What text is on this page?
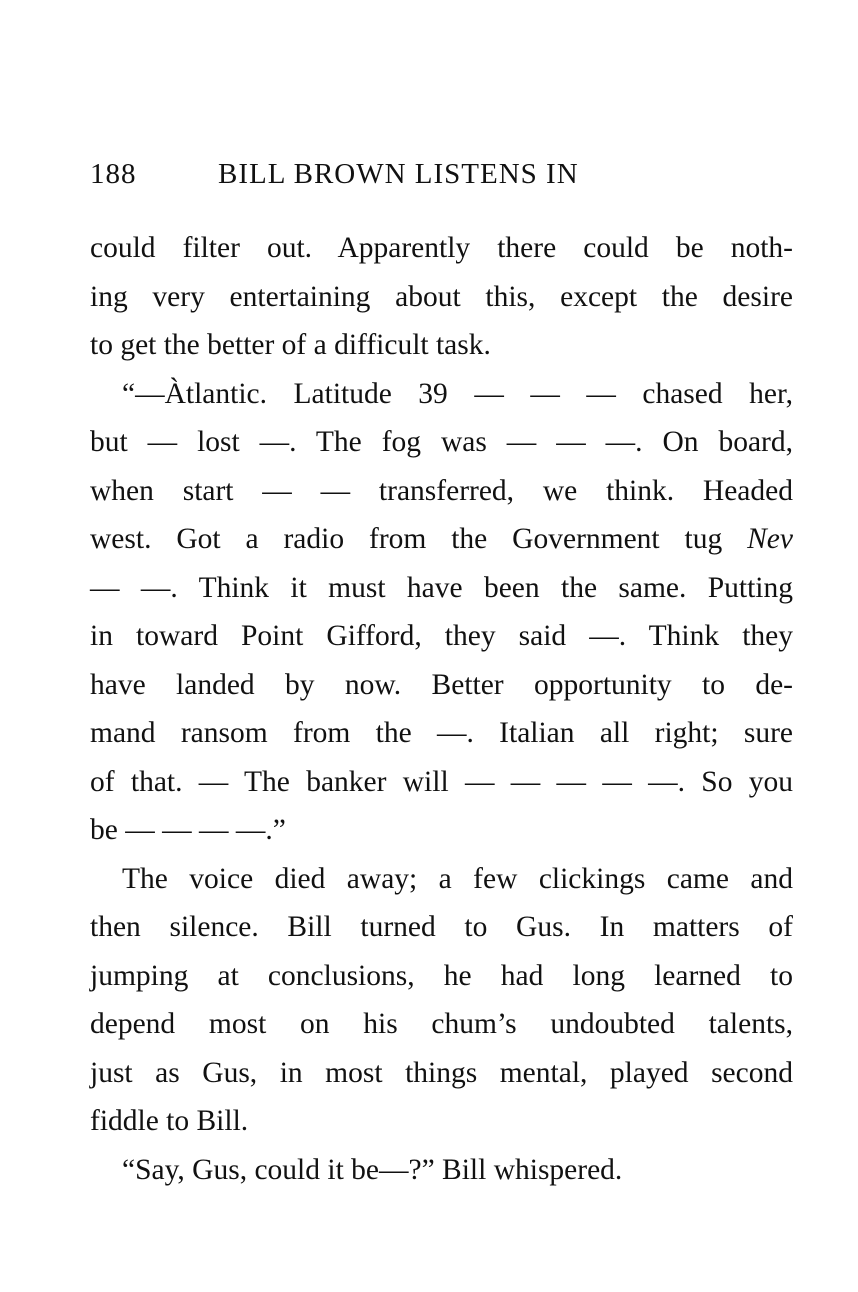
188	BILL BROWN LISTENS IN
could filter out. Apparently there could be noth-
ing very entertaining about this, except the desire
to get the better of a difficult task.
“—Àtlantic. Latitude 39 — — — chased her,
but — lost —. The fog was — — —. On board,
when start — — transferred, we think. Headed
west. Got a radio from the Government tug Nev
— —. Think it must have been the same. Putting
in toward Point Gifford, they said —. Think they
have landed by now. Better opportunity to de-
mand ransom from the —. Italian all right; sure
of that. — The banker will — — — — —. So you
be — — — —.”
The voice died away; a few clickings came and
then silence. Bill turned to Gus. In matters of
jumping at conclusions, he had long learned to
depend most on his chum’s undoubted talents,
just as Gus, in most things mental, played second
fiddle to Bill.
“Say, Gus, could it be—?” Bill whispered.
